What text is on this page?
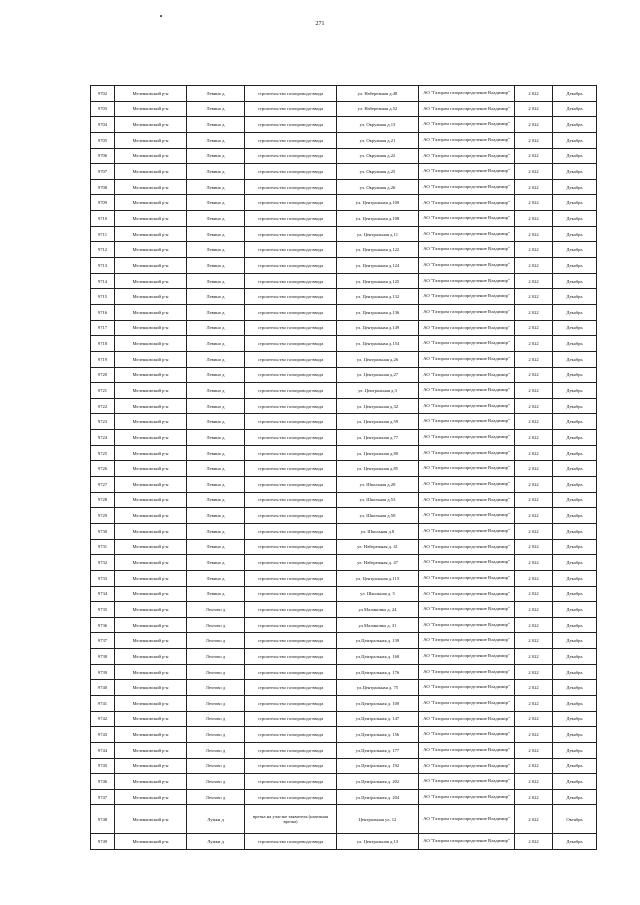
271
9702	Меленковский р-н	Левино д	строительство газопровода-ввода	ул. Набережная д.48	АО "Газпром газораспределение Владимир"	2 022	Декабрь
9703	Меленковский р-н	Левино д	строительство газопровода-ввода	ул. Набережная д.52	АО "Газпром газораспределение Владимир"	2 022	Декабрь
9704	Меленковский р-н	Левино д	строительство газопровода-ввода	ул. Окружная д.13	АО "Газпром газораспределение Владимир"	2 022	Декабрь
9705	Меленковский р-н	Левино д	строительство газопровода-ввода	ул. Окружная д.21	АО "Газпром газораспределение Владимир"	2 022	Декабрь
9706	Меленковский р-н	Левино д	строительство газопровода-ввода	ул. Окружная д.22	АО "Газпром газораспределение Владимир"	2 022	Декабрь
9707	Меленковский р-н	Левино д	строительство газопровода-ввода	ул. Окружная д.25	АО "Газпром газораспределение Владимир"	2 022	Декабрь
9708	Меленковский р-н	Левино д	строительство газопровода-ввода	ул. Окружная д.26	АО "Газпром газораспределение Владимир"	2 022	Декабрь
9709	Меленковский р-н	Левино д	строительство газопровода-ввода	ул. Центральная д.100	АО "Газпром газораспределение Владимир"	2 022	Декабрь
9710	Меленковский р-н	Левино д	строительство газопровода-ввода	ул. Центральная д.108	АО "Газпром газораспределение Владимир"	2 022	Декабрь
9711	Меленковский р-н	Левино д	строительство газопровода-ввода	ул. Центральная д.11	АО "Газпром газораспределение Владимир"	2 022	Декабрь
9712	Меленковский р-н	Левино д	строительство газопровода-ввода	ул. Центральная д.122	АО "Газпром газораспределение Владимир"	2 022	Декабрь
9713	Меленковский р-н	Левино д	строительство газопровода-ввода	ул. Центральная д.124	АО "Газпром газораспределение Владимир"	2 022	Декабрь
9714	Меленковский р-н	Левино д	строительство газопровода-ввода	ул. Центральная д.125	АО "Газпром газораспределение Владимир"	2 022	Декабрь
9715	Меленковский р-н	Левино д	строительство газопровода-ввода	ул. Центральная д.132	АО "Газпром газораспределение Владимир"	2 022	Декабрь
9716	Меленковский р-н	Левино д	строительство газопровода-ввода	ул. Центральная д.136	АО "Газпром газораспределение Владимир"	2 022	Декабрь
9717	Меленковский р-н	Левино д	строительство газопровода-ввода	ул. Центральная д.149	АО "Газпром газораспределение Владимир"	2 022	Декабрь
9718	Меленковский р-н	Левино д	строительство газопровода-ввода	ул. Центральная д.154	АО "Газпром газораспределение Владимир"	2 022	Декабрь
9719	Меленковский р-н	Левино д	строительство газопровода-ввода	ул. Центральная д.26	АО "Газпром газораспределение Владимир"	2 022	Декабрь
9720	Меленковский р-н	Левино д	строительство газопровода-ввода	ул. Центральная д.27	АО "Газпром газораспределение Владимир"	2 022	Декабрь
9721	Меленковский р-н	Левино д	строительство газопровода-ввода	ул. Центральная д.3	АО "Газпром газораспределение Владимир"	2 022	Декабрь
9722	Меленковский р-н	Левино д	строительство газопровода-ввода	ул. Центральная д.32	АО "Газпром газораспределение Владимир"	2 022	Декабрь
9723	Меленковский р-н	Левино д	строительство газопровода-ввода	ул. Центральная д.59	АО "Газпром газораспределение Владимир"	2 022	Декабрь
9724	Меленковский р-н	Левино д	строительство газопровода-ввода	ул. Центральная д.77	АО "Газпром газораспределение Владимир"	2 022	Декабрь
9725	Меленковский р-н	Левино д	строительство газопровода-ввода	ул. Центральная д.80	АО "Газпром газораспределение Владимир"	2 022	Декабрь
9726	Меленковский р-н	Левино д	строительство газопровода-ввода	ул. Центральная д.85	АО "Газпром газораспределение Владимир"	2 022	Декабрь
9727	Меленковский р-н	Левино д	строительство газопровода-ввода	ул. Школьная д.28	АО "Газпром газораспределение Владимир"	2 022	Декабрь
9728	Меленковский р-н	Левино д	строительство газопровода-ввода	ул. Школьная д.53	АО "Газпром газораспределение Владимир"	2 022	Декабрь
9729	Меленковский р-н	Левино д	строительство газопровода-ввода	ул. Школьная д.58	АО "Газпром газораспределение Владимир"	2 022	Декабрь
9730	Меленковский р-н	Левино д	строительство газопровода-ввода	ул. Школьная д.8	АО "Газпром газораспределение Владимир"	2 022	Декабрь
9731	Меленковский р-н	Левино д	строительство газопровода-ввода	ул. Набережная д. 41	АО "Газпром газораспределение Владимир"	2 022	Декабрь
9732	Меленковский р-н	Левино д	строительство газопровода-ввода	ул. Набережная д. 47	АО "Газпром газораспределение Владимир"	2 022	Декабрь
9733	Меленковский р-н	Левино д	строительство газопровода-ввода	ул. Центральная д.115	АО "Газпром газораспределение Владимир"	2 022	Декабрь
9734	Меленковский р-н	Левино д	строительство газопровода-ввода	ул. Школьная д. 5	АО "Газпром газораспределение Владимир"	2 022	Декабрь
9735	Меленковский р-н	Лехтово д	строительство газопровода-ввода	ул.Малиновка д. 24	АО "Газпром газораспределение Владимир"	2 022	Декабрь
9736	Меленковский р-н	Лехтово д	строительство газопровода-ввода	ул.Малиновка д. 31	АО "Газпром газораспределение Владимир"	2 022	Декабрь
9737	Меленковский р-н	Лехтово д	строительство газопровода-ввода	ул.Центральная д. 139	АО "Газпром газораспределение Владимир"	2 022	Декабрь
9738	Меленковский р-н	Лехтово д	строительство газопровода-ввода	ул.Центральная д. 168	АО "Газпром газораспределение Владимир"	2 022	Декабрь
9739	Меленковский р-н	Лехтово д	строительство газопровода-ввода	ул.Центральная д. 176	АО "Газпром газораспределение Владимир"	2 022	Декабрь
9740	Меленковский р-н	Лехтово д	строительство газопровода-ввода	ул.Центральная д. 75	АО "Газпром газораспределение Владимир"	2 022	Декабрь
9741	Меленковский р-н	Лехтово д	строительство газопровода-ввода	ул.Центральная д. 100	АО "Газпром газораспределение Владимир"	2 022	Декабрь
9742	Меленковский р-н	Лехтово д	строительство газопровода-ввода	ул.Центральная д. 147	АО "Газпром газораспределение Владимир"	2 022	Декабрь
9743	Меленковский р-н	Лехтово д	строительство газопровода-ввода	ул.Центральная д. 156	АО "Газпром газораспределение Владимир"	2 022	Декабрь
9744	Меленковский р-н	Лехтово д	строительство газопровода-ввода	ул.Центральная д. 177	АО "Газпром газораспределение Владимир"	2 022	Декабрь
9745	Меленковский р-н	Лехтово д	строительство газопровода-ввода	ул.Центральная д. 192	АО "Газпром газораспределение Владимир"	2 022	Декабрь
9746	Меленковский р-н	Лехтово д	строительство газопровода-ввода	ул.Центральная д. 202	АО "Газпром газораспределение Владимир"	2 022	Декабрь
9747	Меленковский р-н	Лехтово д	строительство газопровода-ввода	ул.Центральная д. 204	АО "Газпром газораспределение Владимир"	2 022	Декабрь
9748	Меленковский р-н	Лужки д	врезка на участке заявителя (наземная врезка)	Центральная ул, 12	АО "Газпром газораспределение Владимир"	2 022	Октябрь
9749	Меленковский р-н	Лужки д	строительство газопровода-ввода	ул. Центральная д.13	АО "Газпром газораспределение Владимир"	2 022	Декабрь
